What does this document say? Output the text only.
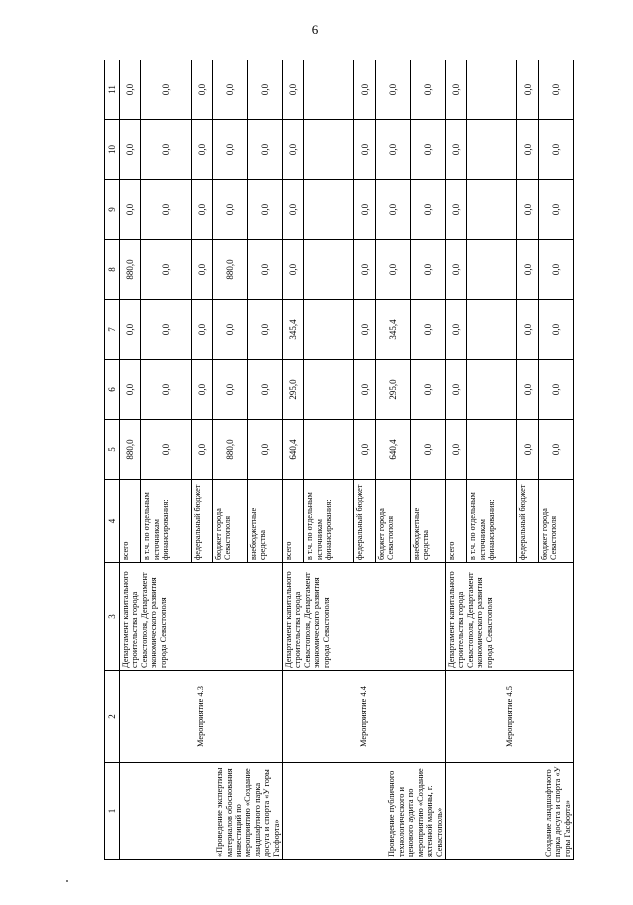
6
1	2	3	4	5	6	7	8	9	10	11
«Проведение экспертизы материалов обоснования инвестиций по мероприятию «Создание ландшафтного парка досуга и спорта «У горы Гасфорта»	Мероприятие 4.3	Департамент капитального строительства города Севастополя, Департамент экономического развития города Севастополя	всего	880,0	0,0	0,0	880,0	0,0	0,0	0,0
			в т.ч. по отдельным источникам финансирования:	0,0	0,0	0,0	0,0	0,0	0,0	0,0
			федеральный бюджет	0,0	0,0	0,0	0,0	0,0	0,0	0,0
			бюджет города Севастополя	880,0	0,0	0,0	880,0	0,0	0,0	0,0
			внебюджетные средства	0,0	0,0	0,0	0,0	0,0	0,0	0,0
Проведение публичного технологического и ценового аудита по мероприятию «Создание яхтенной марины, г. Севастополь»	Мероприятие 4.4	Департамент капитального строительства города Севастополя, Департамент экономического развития города Севастополя	всего	640,4	295,0	345,4	0,0	0,0	0,0	0,0
			в т.ч. по отдельным источникам финансирования:							
			федеральный бюджет	0,0	0,0	0,0	0,0	0,0	0,0	0,0
			бюджет города Севастополя	640,4	295,0	345,4	0,0	0,0	0,0	0,0
			внебюджетные средства	0,0	0,0	0,0	0,0	0,0	0,0	0,0
Создание ландшафтного парка досуга и спорта «У горы Гасфорта»	Мероприятие 4.5	Департамент капитального строительства города Севастополя, Департамент экономического развития города Севастополя	всего	0,0	0,0	0,0	0,0	0,0	0,0	0,0
			в т.ч. по отдельным источникам финансирования:							
			федеральный бюджет	0,0	0,0	0,0	0,0	0,0	0,0	0,0
			бюджет города Севастополя	0,0	0,0	0,0	0,0	0,0	0,0	0,0
